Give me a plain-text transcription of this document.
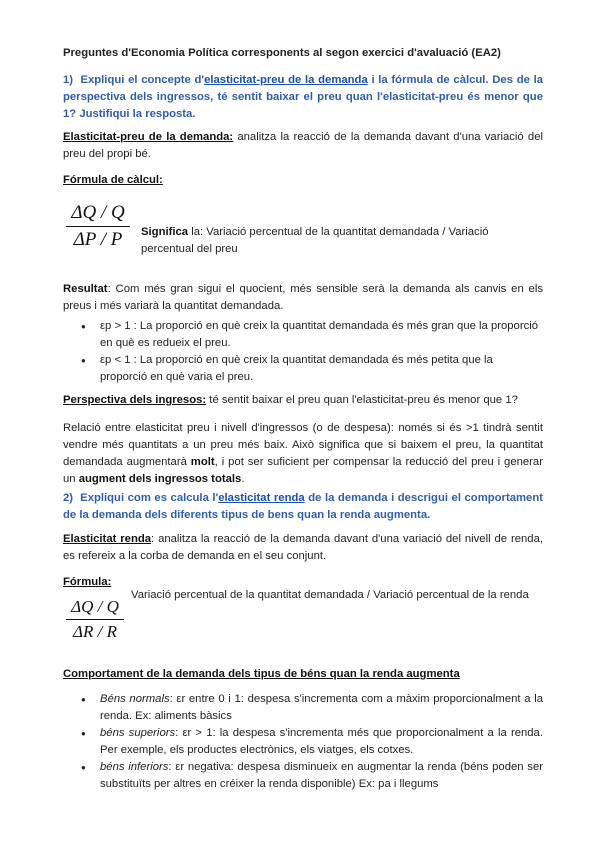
Preguntes d'Economia Política corresponents al segon exercici d'avaluació (EA2)
1) Expliqui el concepte d'elasticitat-preu de la demanda i la fórmula de càlcul. Des de la perspectiva dels ingressos, té sentit baixar el preu quan l'elasticitat-preu és menor que 1? Justifiqui la resposta.
Elasticitat-preu de la demanda: analitza la reacció de la demanda davant d'una variació del preu del propi bé.
Fórmula de càlcul:
ΔQ / Q
ΔP / P	Significa la: Variació percentual de la quantitat demandada / Variació percentual del preu
Resultat: Com més gran sigui el quocient, més sensible serà la demanda als canvis en els preus i més variarà la quantitat demandada.
● εp > 1 : La proporció en què creix la quantitat demandada és més gran que la proporció en què es redueix el preu.
● εp < 1 : La proporció en què creix la quantitat demandada és més petita que la proporció en què varia el preu.
Perspectiva dels ingresos: té sentit baixar el preu quan l'elasticitat-preu és menor que 1?
Relació entre elasticitat preu i nivell d'ingressos (o de despesa): només si és >1 tindrà sentit vendre més quantitats a un preu més baix. Això significa que si baixem el preu, la quantitat demandada augmentarà molt, i pot ser suficient per compensar la reducció del preu i generar un augment dels ingressos totals.
2) Expliqui com es calcula l'elasticitat renda de la demanda i descrigui el comportament de la demanda dels diferents tipus de bens quan la renda augmenta.
Elasticitat renda: analitza la reacció de la demanda davant d'una variació del nivell de renda, es refereix a la corba de demanda en el seu conjunt.
Fórmula:
ΔQ / Q
ΔR / R
Variació percentual de la quantitat demandada / Variació percentual de la renda
Comportament de la demanda dels tipus de béns quan la renda augmenta
● Béns normals: εr entre 0 i 1: despesa s'incrementa com a màxim proporcionalment a la renda. Ex: aliments bàsics
● béns superiors: εr > 1: la despesa s'incrementa més que proporcionalment a la renda. Per exemple, els productes electrònics, els viatges, els cotxes.
● béns inferiors: εr negativa: despesa disminueix en augmentar la renda (béns poden ser substituïts per altres en créixer la renda disponible) Ex: pa i llegums
